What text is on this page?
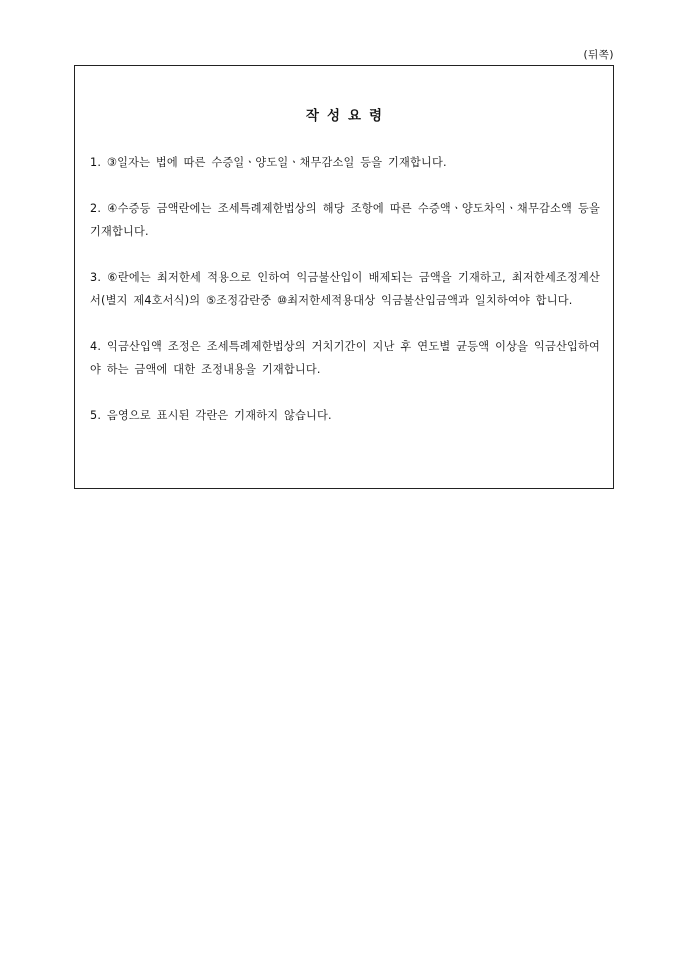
(뒤쪽)
작성요령
1. ③일자는 법에 따른 수증일ㆍ양도일ㆍ채무감소일 등을 기재합니다.
2. ④수증등 금액란에는 조세특례제한법상의 해당 조항에 따른 수증액ㆍ양도차익ㆍ채무감소액 등을 기재합니다.
3. ⑥란에는 최저한세 적용으로 인하여 익금불산입이 배제되는 금액을 기재하고, 최저한세조정계산서(별지 제4호서식)의 ⑤조정감란중 ⑩최저한세적용대상 익금불산입금액과 일치하여야 합니다.
4. 익금산입액 조정은 조세특례제한법상의 거치기간이 지난 후 연도별 균등액 이상을 익금산입하여야 하는 금액에 대한 조정내용을 기재합니다.
5. 음영으로 표시된 각란은 기재하지 않습니다.
